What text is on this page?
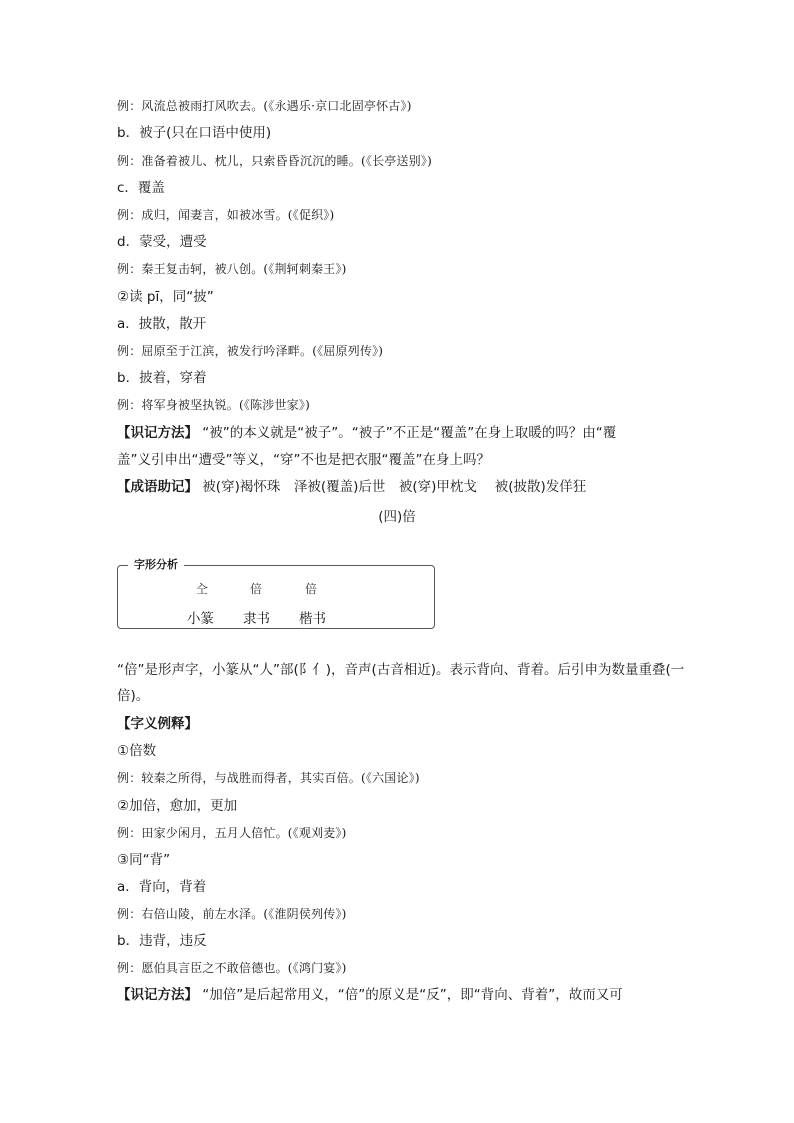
例：风流总被雨打风吹去。(《永遇乐·京口北固亭怀古》)
b．被子(只在口语中使用)
例：准备着被儿、枕儿，只索昏昏沉沉的睡。(《长亭送别》)
c．覆盖
例：成归，闻妻言，如被冰雪。(《促织》)
d．蒙受，遭受
例：秦王复击轲，被八创。(《荆轲刺秦王》)
②读 pī，同“披”
a．披散，散开
例：屈原至于江滨，被发行吟泽畔。(《屈原列传》)
b．披着，穿着
例：将军身被坚执锐。(《陈涉世家》)
【识记方法】 “被”的本义就是“被子”。“被子”不正是“覆盖”在身上取暖的吗？由“覆
盖”义引申出“遭受”等义，“穿”不也是把衣服“覆盖”在身上吗？
【成语助记】 被(穿)褐怀珠　泽被(覆盖)后世　被(穿)甲枕戈　 被(披散)发佯狂
(四)倍
字形分析
㒰	倍	倍
小篆 隶书 楷书
“倍”是形声字，小篆从“人”部(阝亻)，音声(古音相近)。表示背向、背着。后引申为数量重叠(一倍)。
【字义例释】
①倍数
例：较秦之所得，与战胜而得者，其实百倍。(《六国论》)
②加倍，愈加，更加
例：田家少闲月，五月人倍忙。(《观刈麦》)
③同“背”
a．背向，背着
例：右倍山陵，前左水泽。(《淮阴侯列传》)
b．违背，违反
例：愿伯具言臣之不敢倍德也。(《鸿门宴》)
【识记方法】 “加倍”是后起常用义，“倍”的原义是“反”，即“背向、背着”，故而又可
